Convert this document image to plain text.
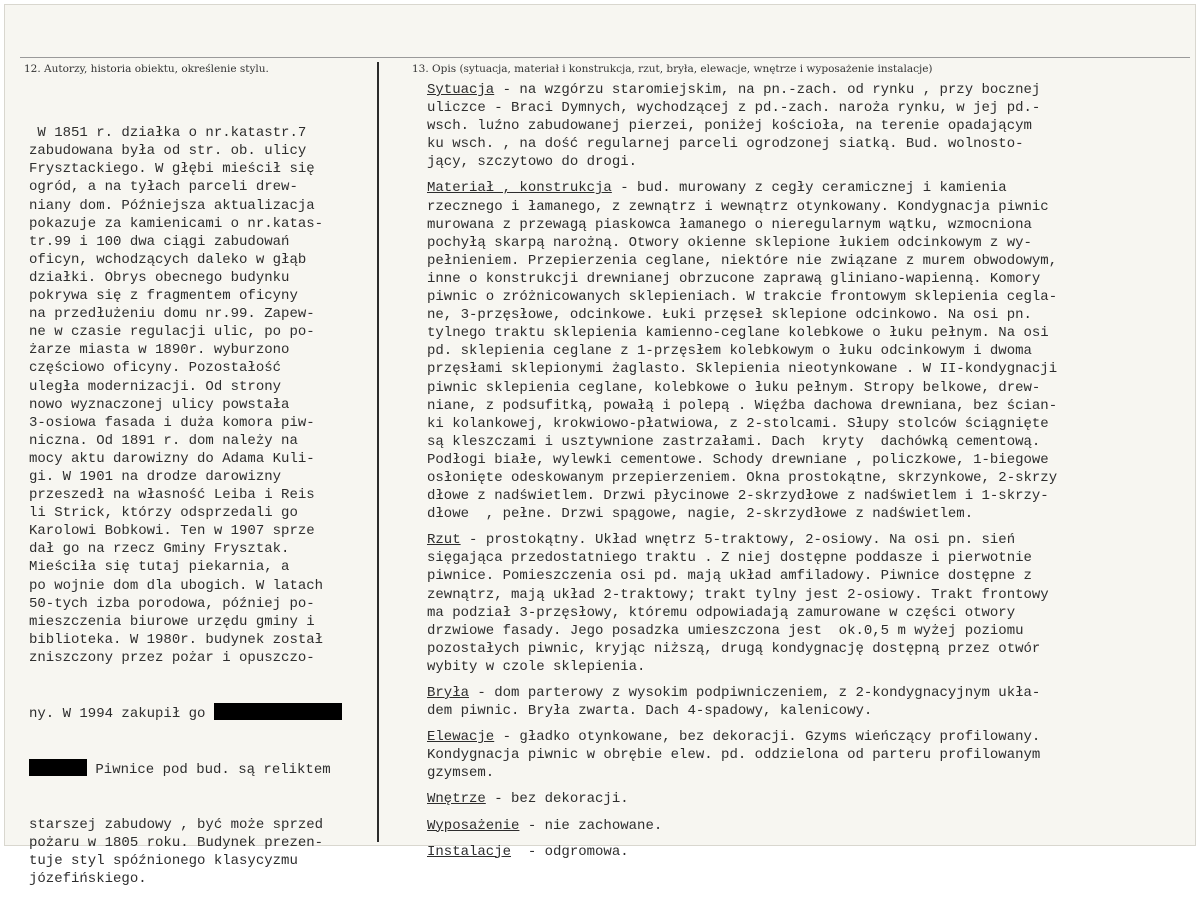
12. Autorzy, historia obiektu, określenie stylu.	13. Opis (sytuacja, materiał i konstrukcja, rzut, bryła, elewacje, wnętrze i wyposażenie instalacje)

W 1851 r. działka o nr.katastr.7
zabudowana była od str. ob. ulicy
Frysztackiego. W głębi mieścił się
ogród, a na tyłach parceli drew-
niany dom. Późniejsza aktualizacja
pokazuje za kamienicami o nr.katas-
tr.99 i 100 dwa ciągi zabudowań
oficyn, wchodzących daleko w głąb
działki. Obrys obecnego budynku
pokrywa się z fragmentem oficyny
na przedłużeniu domu nr.99. Zapew-
ne w czasie regulacji ulic, po po-
żarze miasta w 1890r. wyburzono
częściowo oficyny. Pozostałość
uległa modernizacji. Od strony
nowo wyznaczonej ulicy powstała
3-osiowa fasada i duża komora piw-
niczna. Od 1891 r. dom należy na
mocy aktu darowizny do Adama Kuli-
gi. W 1901 na drodze darowizny
przeszedł na własność Leiba i Reis
li Strick, którzy odsprzedali go
Karolowi Bobkowi. Ten w 1907 sprze
dał go na rzecz Gminy Frysztak.
Mieściła się tutaj piekarnia, a
po wojnie dom dla ubogich. W latach
50-tych izba porodowa, później po-
mieszczenia biurowe urzędu gminy i
biblioteka. W 1980r. budynek został
zniszczony przez pożar i opuszczo-

ny. W 1994 zakupił go

Piwnice pod bud. są reliktem

starszej zabudowy , być może sprzed
pożaru w 1805 roku. Budynek prezen-
tuje styl spóźnionego klasycyzmu
józefińskiego.

Sytuacja - na wzgórzu staromiejskim, na pn.-zach. od rynku , przy bocznej
uliczce - Braci Dymnych, wychodzącej z pd.-zach. naroża rynku, w jej pd.-
wsch. luźno zabudowanej pierzei, poniżej kościoła, na terenie opadającym
ku wsch. , na dość regularnej parceli ogrodzonej siatką. Bud. wolnosto-
jący, szczytowo do drogi.
Materiał , konstrukcja - bud. murowany z cegły ceramicznej i kamienia
rzecznego i łamanego, z zewnątrz i wewnątrz otynkowany. Kondygnacja piwnic
murowana z przewagą piaskowca łamanego o nieregularnym wątku, wzmocniona
pochyłą skarpą narożną. Otwory okienne sklepione łukiem odcinkowym z wy-
pełnieniem. Przepierzenia ceglane, niektóre nie związane z murem obwodowym,
inne o konstrukcji drewnianej obrzucone zaprawą gliniano-wapienną. Komory
piwnic o zróżnicowanych sklepieniach. W trakcie frontowym sklepienia cegla-
ne, 3-przęsłowe, odcinkowe. Łuki przęseł sklepione odcinkowo. Na osi pn.
tylnego traktu sklepienia kamienno-ceglane kolebkowe o łuku pełnym. Na osi
pd. sklepienia ceglane z 1-przęsłem kolebkowym o łuku odcinkowym i dwoma
przęsłami sklepionymi żaglasto. Sklepienia nieotynkowane . W II-kondygnacji
piwnic sklepienia ceglane, kolebkowe o łuku pełnym. Stropy belkowe, drew-
niane, z podsufitką, powałą i polepą . Więźba dachowa drewniana, bez ścian-
ki kolankowej, krokwiowo-płatwiowa, z 2-stolcami. Słupy stolców ściągnięte
są kleszczami i usztywnione zastrzałami. Dach  kryty  dachówką cementową.
Podłogi białe, wylewki cementowe. Schody drewniane , policzkowe, 1-biegowe
osłonięte odeskowanym przepierzeniem. Okna prostokątne, skrzynkowe, 2-skrzy
dłowe z nadświetlem. Drzwi płycinowe 2-skrzydłowe z nadświetlem i 1-skrzy-
dłowe  , pełne. Drzwi spągowe, nagie, 2-skrzydłowe z nadświetlem.
Rzut - prostokątny. Układ wnętrz 5-traktowy, 2-osiowy. Na osi pn. sień
sięgająca przedostatniego traktu . Z niej dostępne poddasze i pierwotnie
piwnice. Pomieszczenia osi pd. mają układ amfiladowy. Piwnice dostępne z
zewnątrz, mają układ 2-traktowy; trakt tylny jest 2-osiowy. Trakt frontowy
ma podział 3-przęsłowy, któremu odpowiadają zamurowane w części otwory
drzwiowe fasady. Jego posadzka umieszczona jest  ok.0,5 m wyżej poziomu
pozostałych piwnic, kryjąc niższą, drugą kondygnację dostępną przez otwór
wybity w czole sklepienia.
Bryła - dom parterowy z wysokim podpiwniczeniem, z 2-kondygnacyjnym ukła-
dem piwnic. Bryła zwarta. Dach 4-spadowy, kalenicowy.
Elewacje - gładko otynkowane, bez dekoracji. Gzyms wieńczący profilowany.
Kondygnacja piwnic w obrębie elew. pd. oddzielona od parteru profilowanym
gzymsem.
Wnętrze - bez dekoracji.
Wyposażenie - nie zachowane.
Instalacje  - odgromowa.
